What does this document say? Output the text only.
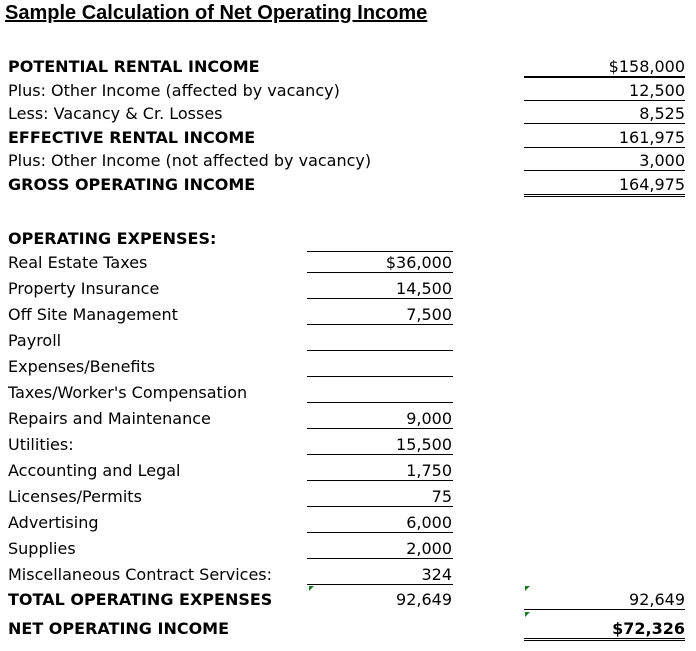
Sample Calculation of Net Operating Income
POTENTIAL RENTAL INCOME	$158,000
Plus: Other Income (affected by vacancy)	12,500
Less: Vacancy & Cr. Losses	8,525
EFFECTIVE RENTAL INCOME	161,975
Plus: Other Income (not affected by vacancy)	3,000
GROSS OPERATING INCOME	164,975
OPERATING EXPENSES:
Real Estate Taxes	$36,000
Property Insurance	14,500
Off Site Management	7,500
Payroll
Expenses/Benefits
Taxes/Worker's Compensation
Repairs and Maintenance	9,000
Utilities:	15,500
Accounting and Legal	1,750
Licenses/Permits	75
Advertising	6,000
Supplies	2,000
Miscellaneous Contract Services:	324
TOTAL OPERATING EXPENSES	92,649	92,649
NET OPERATING INCOME	$72,326
